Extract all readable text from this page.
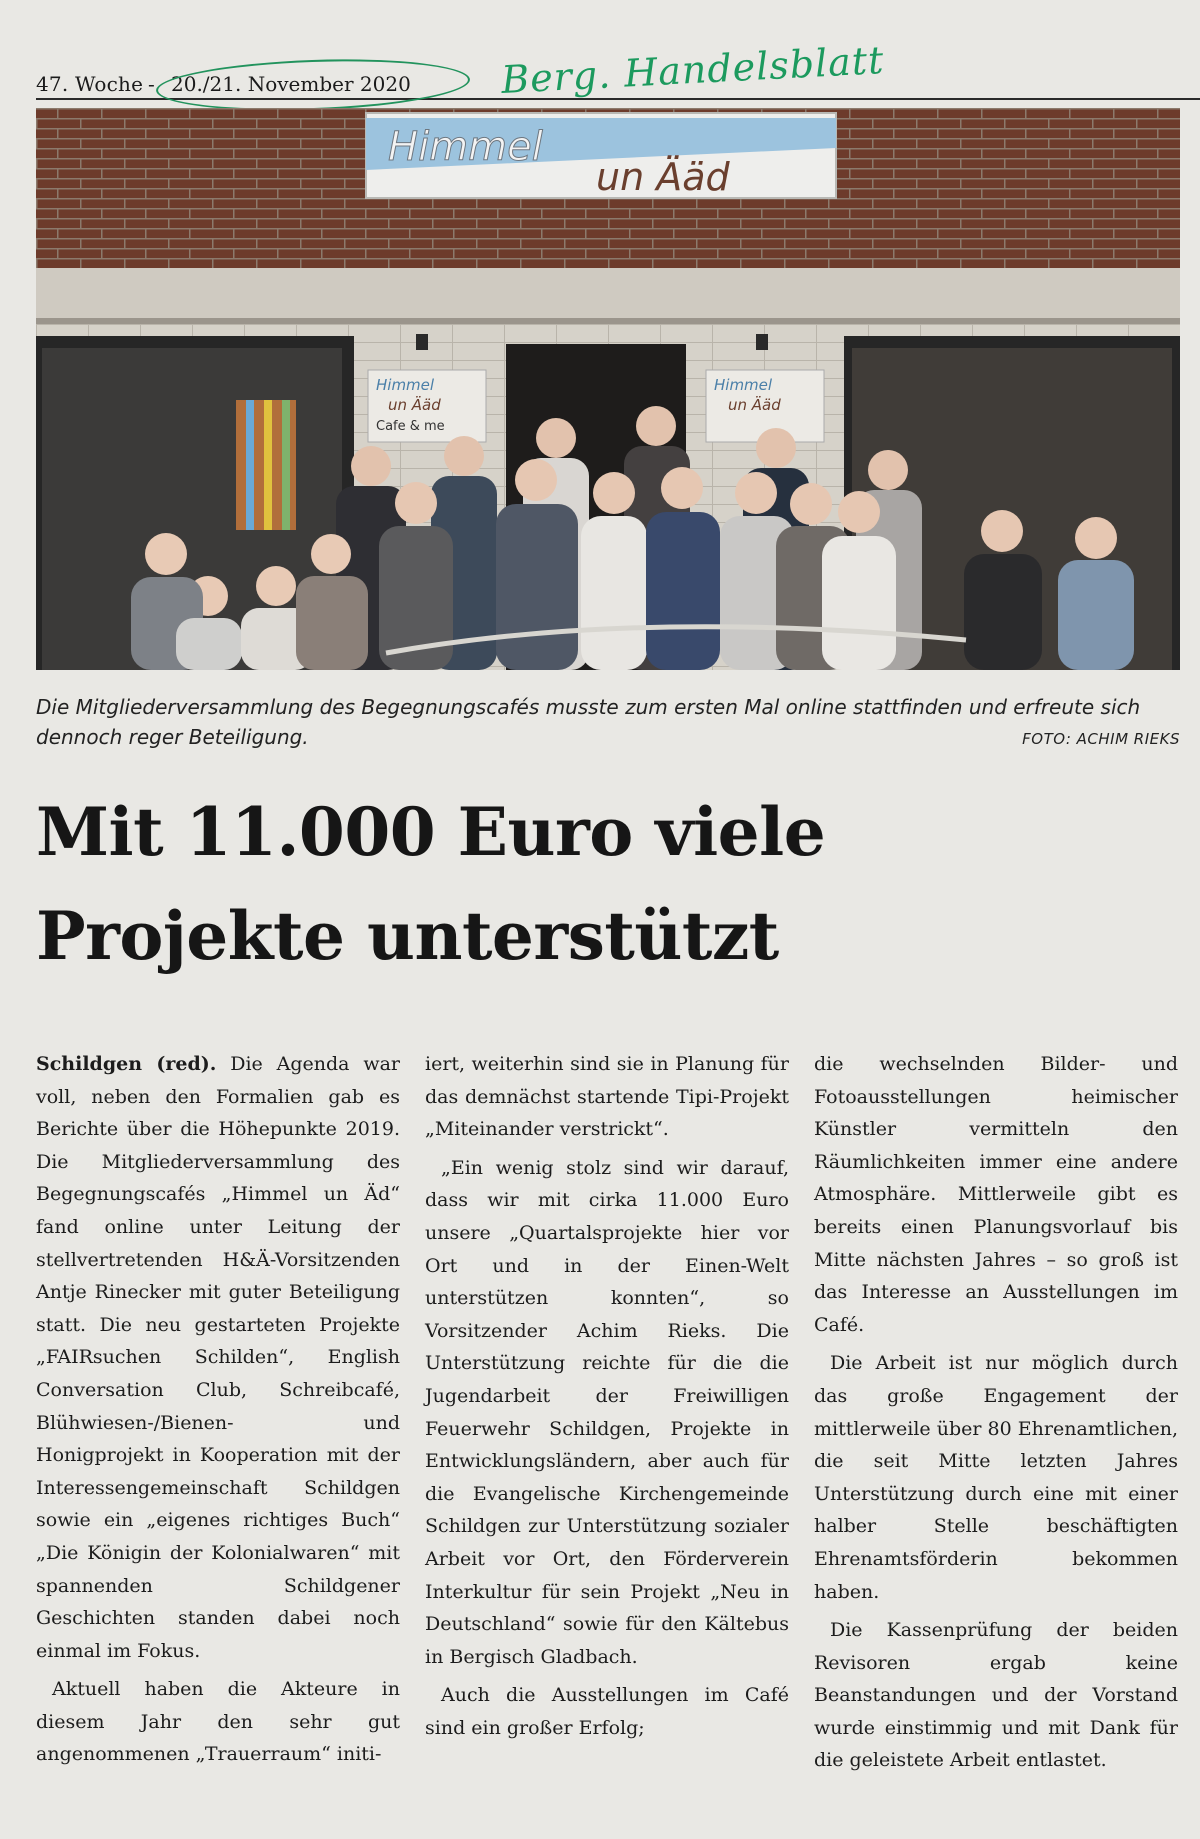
47. Woche - 20./21. November 2020 Berg. Handelsblatt
Himmel
un Ääd
Himmel
un Ääd
Cafe & me
Himmel
un Ääd
Die Mitgliederversammlung des Begegnungscafés musste zum ersten Mal online stattfinden und erfreute sich dennoch reger Beteiligung.	FOTO: ACHIM RIEKS
Mit 11.000 Euro viele
Projekte unterstützt

Schildgen (red). Die Agenda war voll, neben den Formalien gab es Berichte über die Höhepunkte 2019. Die Mitgliederversammlung des Begegnungscafés „Himmel un Äd“ fand online unter Leitung der stellvertretenden H&Ä-Vorsitzenden Antje Rinecker mit guter Beteiligung statt. Die neu gestarteten Projekte „FAIRsuchen Schilden“, English Conversation Club, Schreibcafé, Blühwiesen-/Bienen- und Honigprojekt in Kooperation mit der Interessengemeinschaft Schildgen sowie ein „eigenes richtiges Buch“ „Die Königin der Kolonialwaren“ mit spannenden Schildgener Geschichten standen dabei noch einmal im Fokus.

Aktuell haben die Akteure in diesem Jahr den sehr gut angenommenen „Trauerraum“ initi-

iert, weiterhin sind sie in Planung für das demnächst startende Tipi-Projekt „Miteinander verstrickt“.

„Ein wenig stolz sind wir darauf, dass wir mit cirka 11.000 Euro unsere „Quartalsprojekte hier vor Ort und in der Einen-Welt unterstützen konnten“, so Vorsitzender Achim Rieks. Die Unterstützung reichte für die die Jugendarbeit der Freiwilligen Feuerwehr Schildgen, Projekte in Entwicklungsländern, aber auch für die Evangelische Kirchengemeinde Schildgen zur Unterstützung sozialer Arbeit vor Ort, den Förderverein Interkultur für sein Projekt „Neu in Deutschland“ sowie für den Kältebus in Bergisch Gladbach.

Auch die Ausstellungen im Café sind ein großer Erfolg;

die wechselnden Bilder- und Fotoausstellungen heimischer Künstler vermitteln den Räumlichkeiten immer eine andere Atmosphäre. Mittlerweile gibt es bereits einen Planungsvorlauf bis Mitte nächsten Jahres – so groß ist das Interesse an Ausstellungen im Café.

Die Arbeit ist nur möglich durch das große Engagement der mittlerweile über 80 Ehrenamtlichen, die seit Mitte letzten Jahres Unterstützung durch eine mit einer halber Stelle beschäftigten Ehrenamtsförderin bekommen haben.

Die Kassenprüfung der beiden Revisoren ergab keine Beanstandungen und der Vorstand wurde einstimmig und mit Dank für die geleistete Arbeit entlastet.
